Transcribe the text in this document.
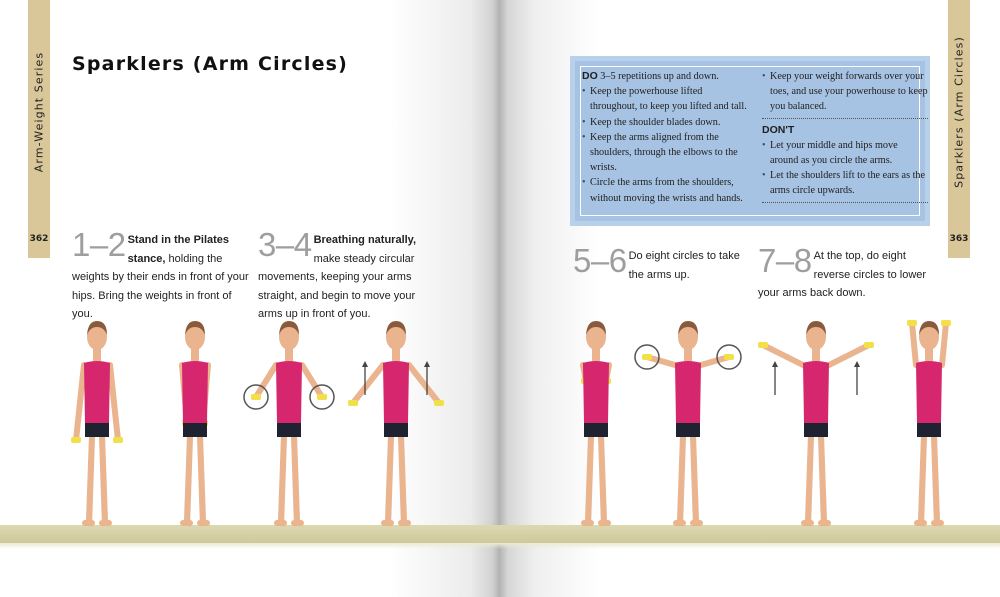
Arm-Weight Series
362
Sparklers (Arm Circles)
1–2 Stand in the Pilates stance, holding the weights by their ends in front of your hips. Bring the weights in front of you.
3–4 Breathing naturally, make steady circular movements, keeping your arms straight, and begin to move your arms up in front of you.
Sparklers (Arm Circles)
363
DO 3–5 repetitions up and down.
• Keep the powerhouse lifted throughout, to keep you lifted and tall.
• Keep the shoulder blades down.
• Keep the arms aligned from the shoulders, through the elbows to the wrists.
• Circle the arms from the shoulders, without moving the wrists and hands.
• Keep your weight forwards over your toes, and use your powerhouse to keep you balanced.
DON'T
• Let your middle and hips move around as you circle the arms.
• Let the shoulders lift to the ears as the arms circle upwards.
5–6 Do eight circles to take the arms up.	7–8 At the top, do eight reverse circles to lower your arms back down.
